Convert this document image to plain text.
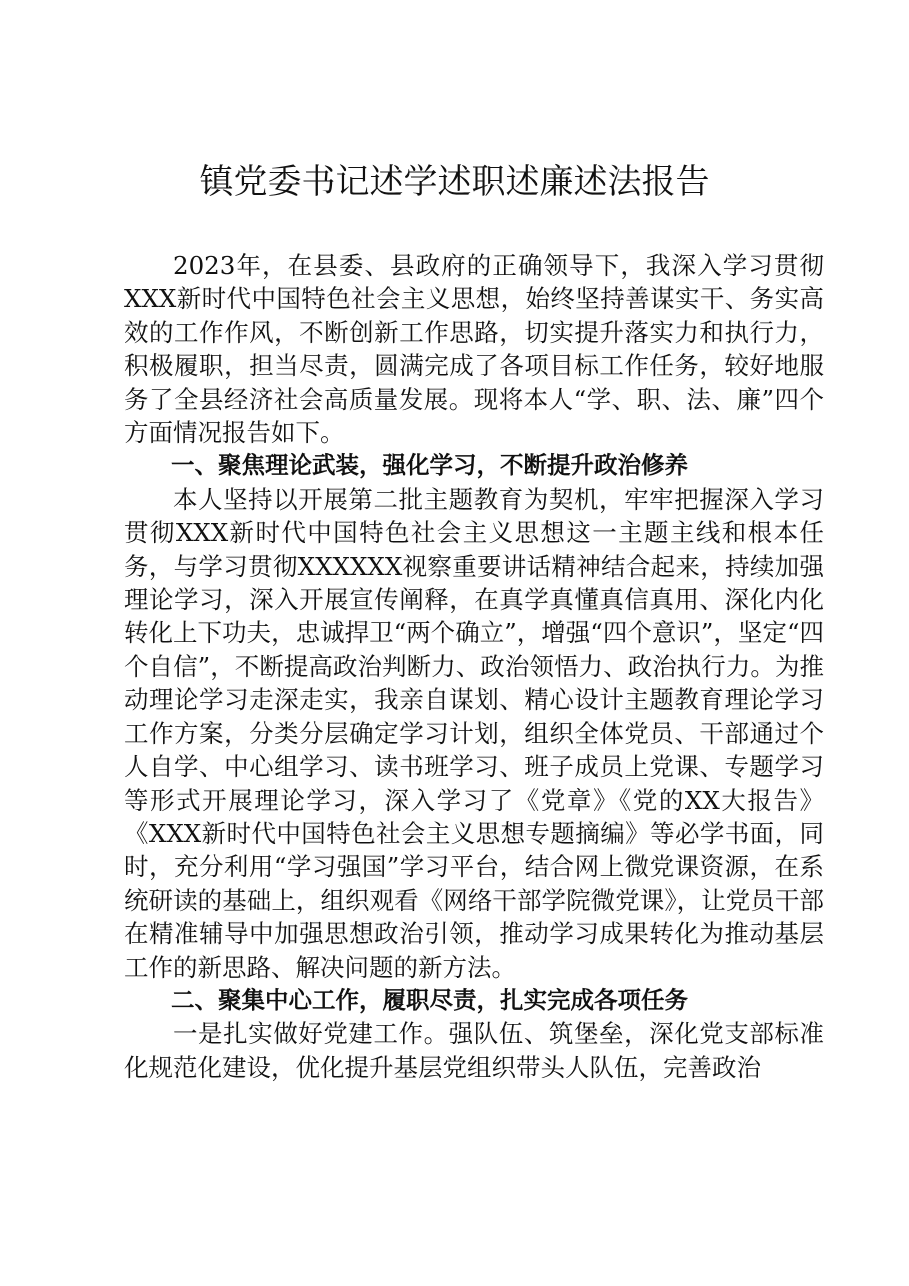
镇党委书记述学述职述廉述法报告

2023年，在县委、县政府的正确领导下，我深入学习贯彻XXX新时代中国特色社会主义思想，始终坚持善谋实干、务实高效的工作作风，不断创新工作思路，切实提升落实力和执行力，积极履职，担当尽责，圆满完成了各项目标工作任务，较好地服务了全县经济社会高质量发展。现将本人“学、职、法、廉”四个方面情况报告如下。

一、聚焦理论武装，强化学习，不断提升政治修养

本人坚持以开展第二批主题教育为契机，牢牢把握深入学习贯彻XXX新时代中国特色社会主义思想这一主题主线和根本任务，与学习贯彻XXXXXX视察重要讲话精神结合起来，持续加强理论学习，深入开展宣传阐释，在真学真懂真信真用、深化内化转化上下功夫，忠诚捍卫“两个确立”，增强“四个意识”，坚定“四个自信”，不断提高政治判断力、政治领悟力、政治执行力。为推动理论学习走深走实，我亲自谋划、精心设计主题教育理论学习工作方案，分类分层确定学习计划，组织全体党员、干部通过个人自学、中心组学习、读书班学习、班子成员上党课、专题学习等形式开展理论学习，深入学习了《党章》《党的XX大报告》《XXX新时代中国特色社会主义思想专题摘编》等必学书面，同时，充分利用“学习强国”学习平台，结合网上微党课资源，在系统研读的基础上，组织观看《网络干部学院微党课》，让党员干部在精准辅导中加强思想政治引领，推动学习成果转化为推动基层工作的新思路、解决问题的新方法。

二、聚集中心工作，履职尽责，扎实完成各项任务

一是扎实做好党建工作。强队伍、筑堡垒，深化党支部标准化规范化建设，优化提升基层党组织带头人队伍，完善政治
